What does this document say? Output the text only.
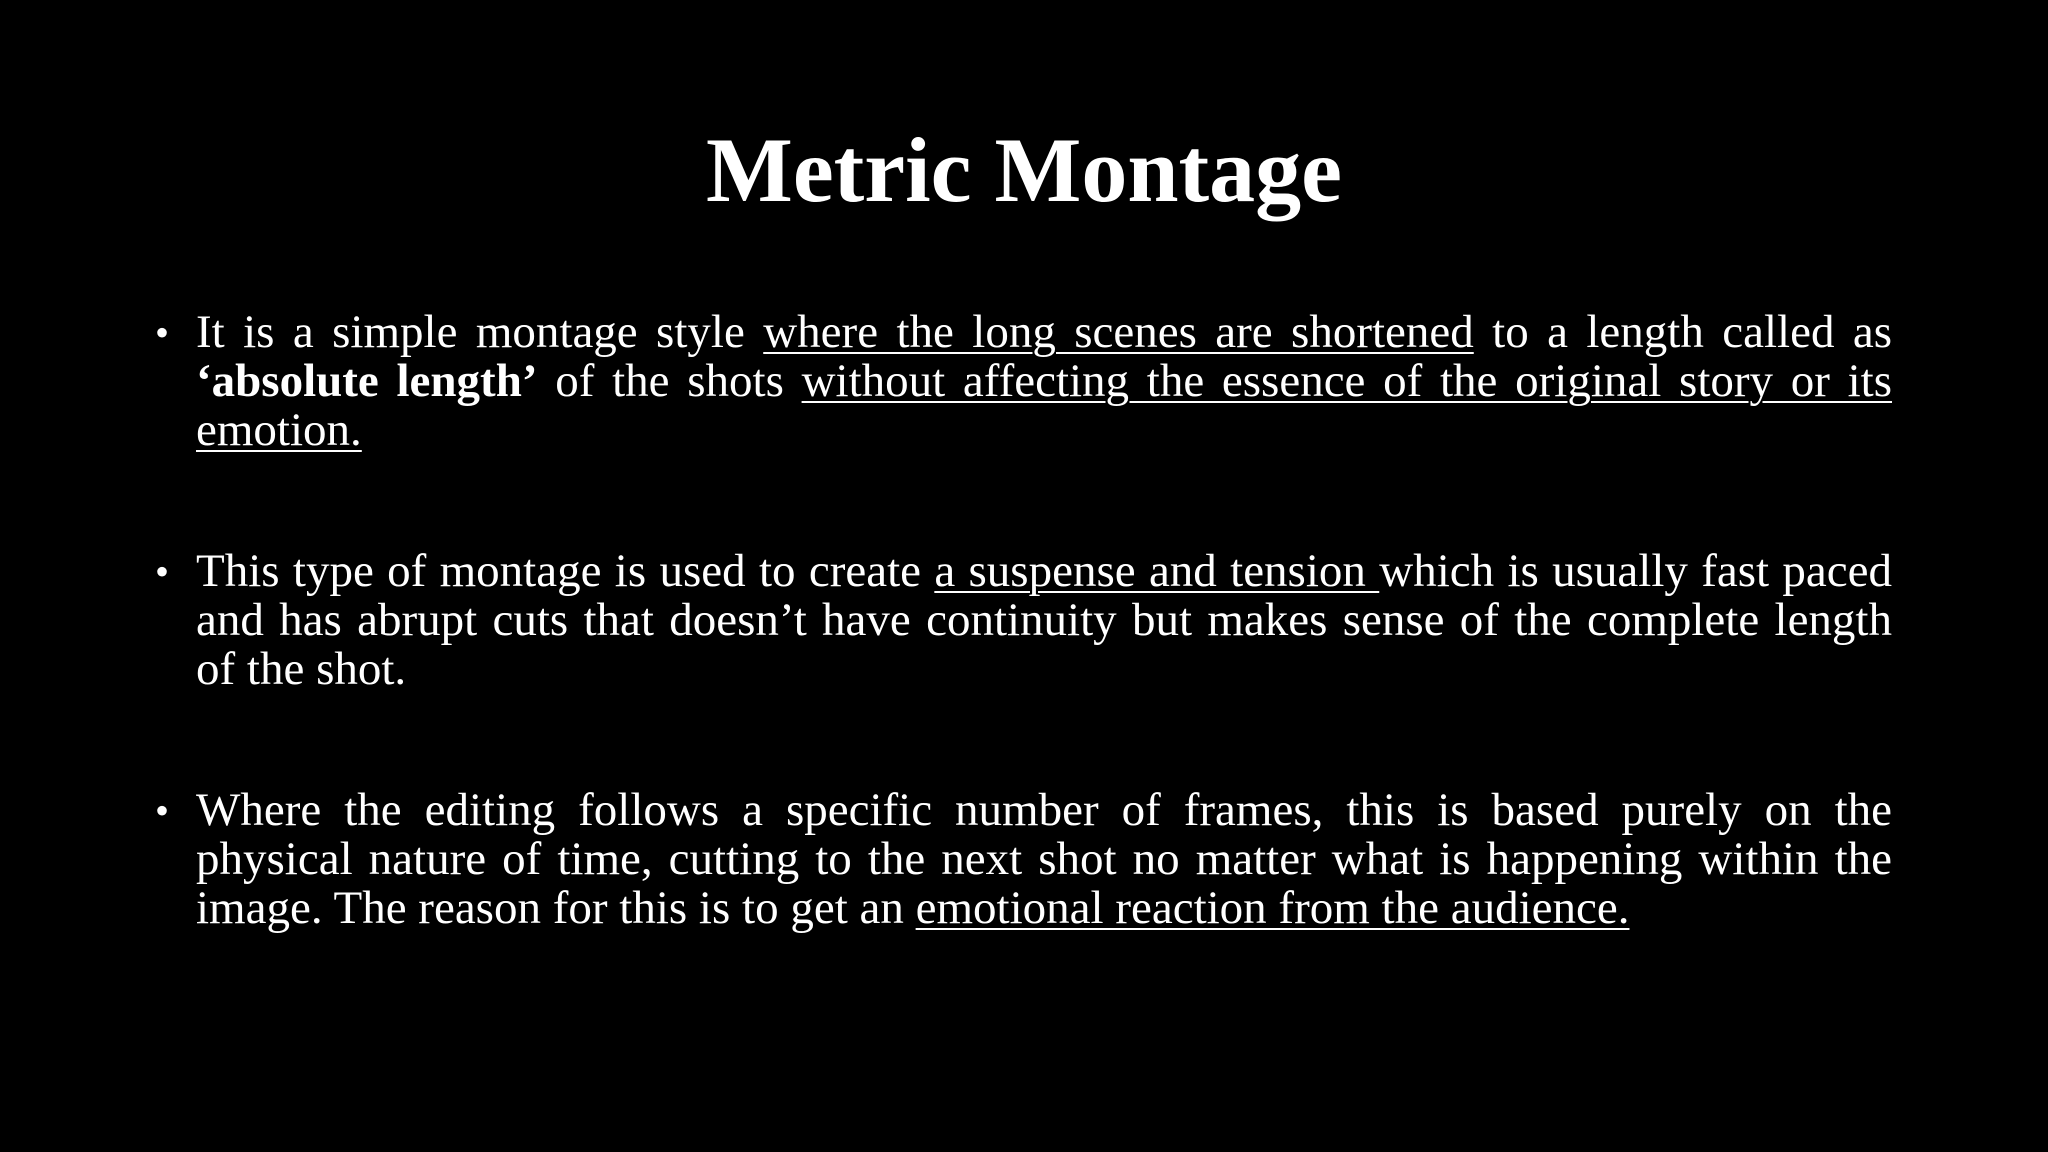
Metric Montage
• It is a simple montage style where the long scenes are shortened to a length called as ‘absolute length’ of the shots without affecting the essence of the original story or its emotion.
• This type of montage is used to create a suspense and tension which is usually fast paced and has abrupt cuts that doesn’t have continuity but makes sense of the complete length of the shot.
• Where the editing follows a specific number of frames, this is based purely on the physical nature of time, cutting to the next shot no matter what is happening within the image. The reason for this is to get an emotional reaction from the audience.
